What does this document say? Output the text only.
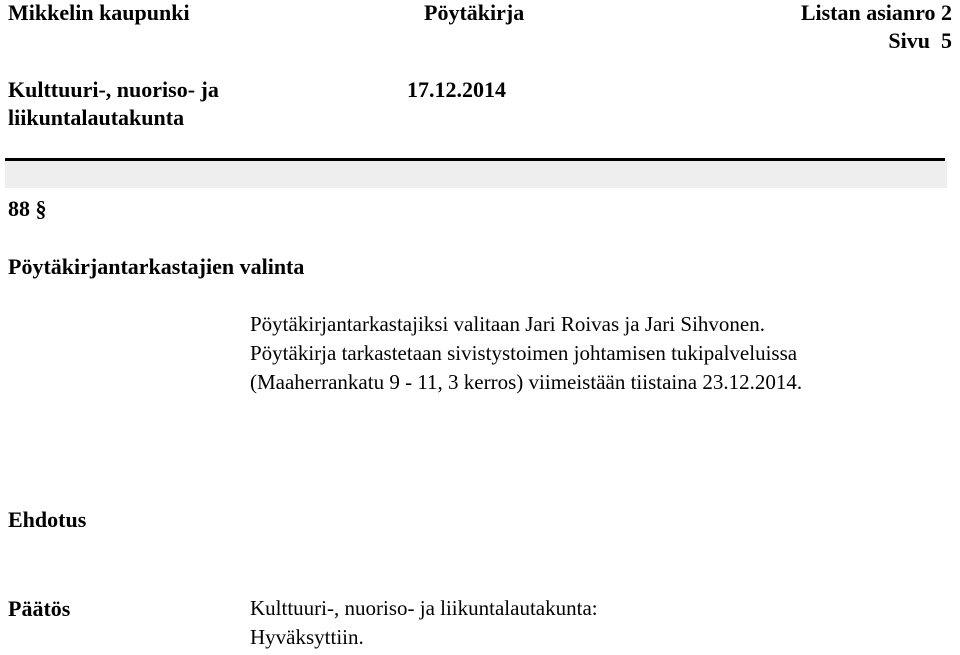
Mikkelin kaupunki	Pöytäkirja	Listan asianro 2
Sivu  5
Kulttuuri-, nuoriso- ja
liikuntalautakunta
17.12.2014
88 §
Pöytäkirjantarkastajien valinta
Pöytäkirjantarkastajiksi valitaan Jari Roivas ja Jari Sihvonen.
Pöytäkirja tarkastetaan sivistystoimen johtamisen tukipalveluissa
(Maaherrankatu 9 - 11, 3 kerros) viimeistään tiistaina 23.12.2014.
Ehdotus
Päätös	Kulttuuri-, nuoriso- ja liikuntalautakunta:
Hyväksyttiin.
